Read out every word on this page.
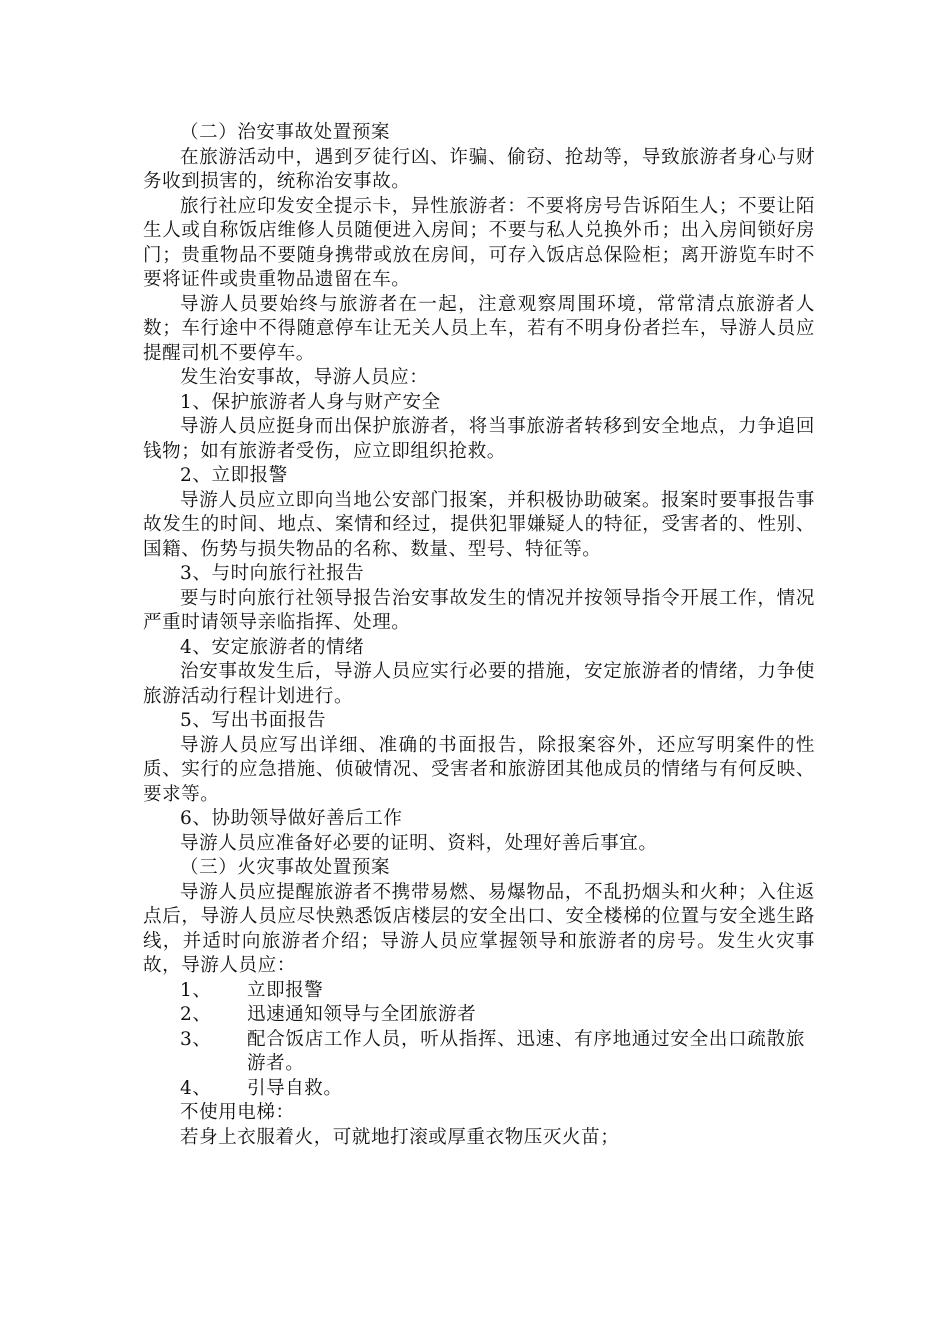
（二）治安事故处置预案

在旅游活动中，遇到歹徒行凶、诈骗、偷窃、抢劫等，导致旅游者身心与财务收到损害的，统称治安事故。

旅行社应印发安全提示卡，异性旅游者：不要将房号告诉陌生人；不要让陌生人或自称饭店维修人员随便进入房间；不要与私人兑换外币；出入房间锁好房门；贵重物品不要随身携带或放在房间，可存入饭店总保险柜；离开游览车时不要将证件或贵重物品遗留在车。

导游人员要始终与旅游者在一起，注意观察周围环境，常常清点旅游者人数；车行途中不得随意停车让无关人员上车，若有不明身份者拦车，导游人员应提醒司机不要停车。

发生治安事故，导游人员应：

1、保护旅游者人身与财产安全

导游人员应挺身而出保护旅游者，将当事旅游者转移到安全地点，力争追回钱物；如有旅游者受伤，应立即组织抢救。

2、立即报警

导游人员应立即向当地公安部门报案，并积极协助破案。报案时要事报告事故发生的时间、地点、案情和经过，提供犯罪嫌疑人的特征，受害者的、性别、国籍、伤势与损失物品的名称、数量、型号、特征等。

3、与时向旅行社报告

要与时向旅行社领导报告治安事故发生的情况并按领导指令开展工作，情况严重时请领导亲临指挥、处理。

4、安定旅游者的情绪

治安事故发生后，导游人员应实行必要的措施，安定旅游者的情绪，力争使旅游活动行程计划进行。

5、写出书面报告

导游人员应写出详细、准确的书面报告，除报案容外，还应写明案件的性质、实行的应急措施、侦破情况、受害者和旅游团其他成员的情绪与有何反映、要求等。

6、协助领导做好善后工作

导游人员应准备好必要的证明、资料，处理好善后事宜。

（三）火灾事故处置预案

导游人员应提醒旅游者不携带易燃、易爆物品，不乱扔烟头和火种；入住返点后，导游人员应尽快熟悉饭店楼层的安全出口、安全楼梯的位置与安全逃生路线，并适时向旅游者介绍；导游人员应掌握领导和旅游者的房号。发生火灾事故，导游人员应：

1、	立即报警
2、	迅速通知领导与全团旅游者
3、	配合饭店工作人员，听从指挥、迅速、有序地通过安全出口疏散旅游者。
4、	引导自救。

不使用电梯：

若身上衣服着火，可就地打滚或厚重衣物压灭火苗；
